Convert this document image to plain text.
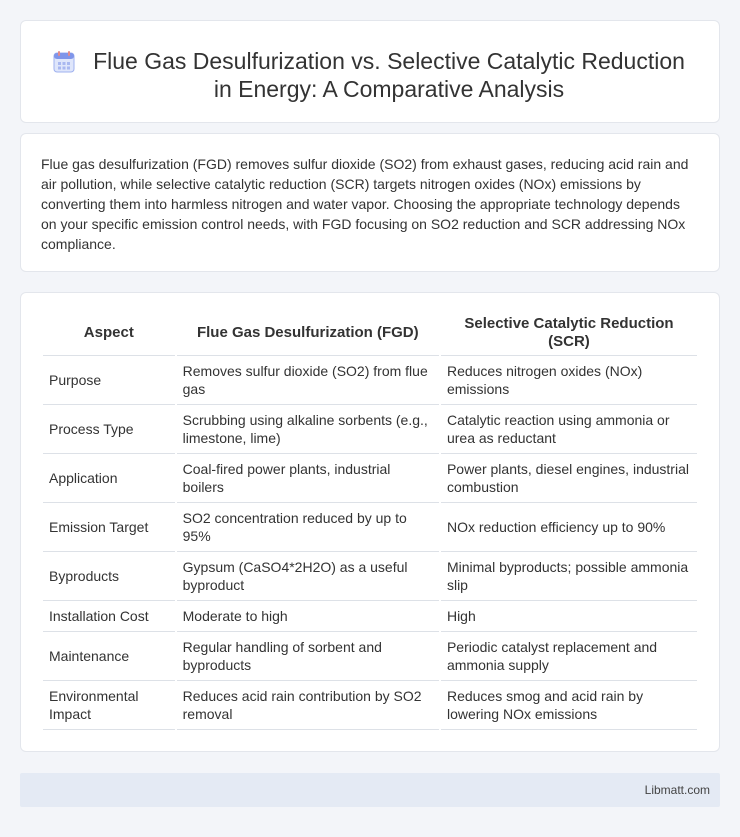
Flue Gas Desulfurization vs. Selective Catalytic Reduction in Energy: A Comparative Analysis

Flue gas desulfurization (FGD) removes sulfur dioxide (SO2) from exhaust gases, reducing acid rain and air pollution, while selective catalytic reduction (SCR) targets nitrogen oxides (NOx) emissions by converting them into harmless nitrogen and water vapor. Choosing the appropriate technology depends on your specific emission control needs, with FGD focusing on SO2 reduction and SCR addressing NOx compliance.

Aspect	Flue Gas Desulfurization (FGD)	Selective Catalytic Reduction (SCR)
Purpose	Removes sulfur dioxide (SO2) from flue gas	Reduces nitrogen oxides (NOx) emissions
Process Type	Scrubbing using alkaline sorbents (e.g., limestone, lime)	Catalytic reaction using ammonia or urea as reductant
Application	Coal-fired power plants, industrial boilers	Power plants, diesel engines, industrial combustion
Emission Target	SO2 concentration reduced by up to 95%	NOx reduction efficiency up to 90%
Byproducts	Gypsum (CaSO4*2H2O) as a useful byproduct	Minimal byproducts; possible ammonia slip
Installation Cost	Moderate to high	High
Maintenance	Regular handling of sorbent and byproducts	Periodic catalyst replacement and ammonia supply
Environmental Impact	Reduces acid rain contribution by SO2 removal	Reduces smog and acid rain by lowering NOx emissions
Libmatt.com
